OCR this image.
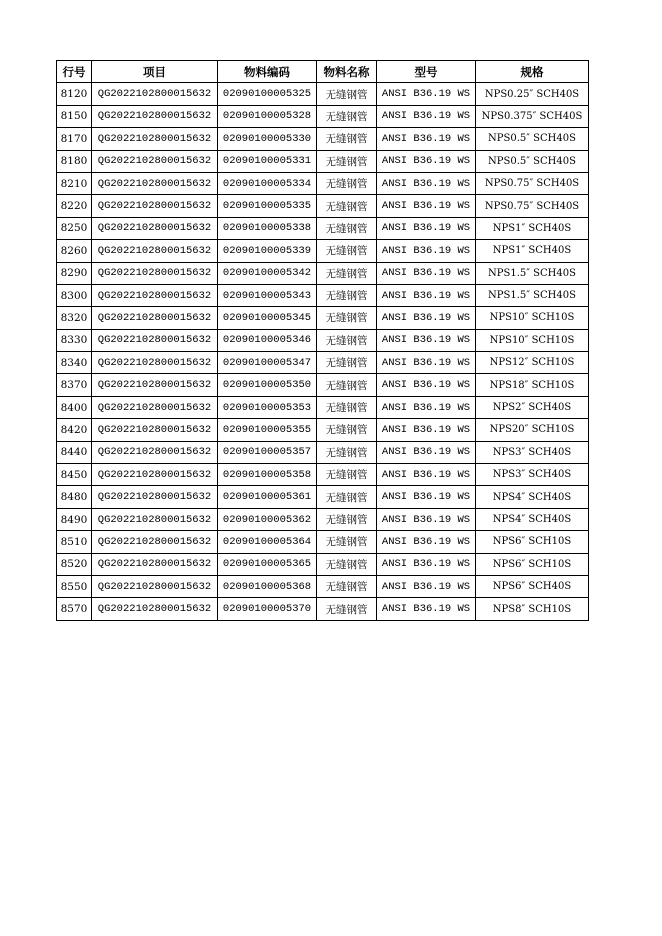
行号	项目	物料编码	物料名称	型号	规格
8120	QG2022102800015632	02090100005325	无缝钢管	ANSI B36.19 WS	NPS0.25″ SCH40S
8150	QG2022102800015632	02090100005328	无缝钢管	ANSI B36.19 WS	NPS0.375″ SCH40S
8170	QG2022102800015632	02090100005330	无缝钢管	ANSI B36.19 WS	NPS0.5″ SCH40S
8180	QG2022102800015632	02090100005331	无缝钢管	ANSI B36.19 WS	NPS0.5″ SCH40S
8210	QG2022102800015632	02090100005334	无缝钢管	ANSI B36.19 WS	NPS0.75″ SCH40S
8220	QG2022102800015632	02090100005335	无缝钢管	ANSI B36.19 WS	NPS0.75″ SCH40S
8250	QG2022102800015632	02090100005338	无缝钢管	ANSI B36.19 WS	NPS1″ SCH40S
8260	QG2022102800015632	02090100005339	无缝钢管	ANSI B36.19 WS	NPS1″ SCH40S
8290	QG2022102800015632	02090100005342	无缝钢管	ANSI B36.19 WS	NPS1.5″ SCH40S
8300	QG2022102800015632	02090100005343	无缝钢管	ANSI B36.19 WS	NPS1.5″ SCH40S
8320	QG2022102800015632	02090100005345	无缝钢管	ANSI B36.19 WS	NPS10″ SCH10S
8330	QG2022102800015632	02090100005346	无缝钢管	ANSI B36.19 WS	NPS10″ SCH10S
8340	QG2022102800015632	02090100005347	无缝钢管	ANSI B36.19 WS	NPS12″ SCH10S
8370	QG2022102800015632	02090100005350	无缝钢管	ANSI B36.19 WS	NPS18″ SCH10S
8400	QG2022102800015632	02090100005353	无缝钢管	ANSI B36.19 WS	NPS2″ SCH40S
8420	QG2022102800015632	02090100005355	无缝钢管	ANSI B36.19 WS	NPS20″ SCH10S
8440	QG2022102800015632	02090100005357	无缝钢管	ANSI B36.19 WS	NPS3″ SCH40S
8450	QG2022102800015632	02090100005358	无缝钢管	ANSI B36.19 WS	NPS3″ SCH40S
8480	QG2022102800015632	02090100005361	无缝钢管	ANSI B36.19 WS	NPS4″ SCH40S
8490	QG2022102800015632	02090100005362	无缝钢管	ANSI B36.19 WS	NPS4″ SCH40S
8510	QG2022102800015632	02090100005364	无缝钢管	ANSI B36.19 WS	NPS6″ SCH10S
8520	QG2022102800015632	02090100005365	无缝钢管	ANSI B36.19 WS	NPS6″ SCH10S
8550	QG2022102800015632	02090100005368	无缝钢管	ANSI B36.19 WS	NPS6″ SCH40S
8570	QG2022102800015632	02090100005370	无缝钢管	ANSI B36.19 WS	NPS8″ SCH10S
